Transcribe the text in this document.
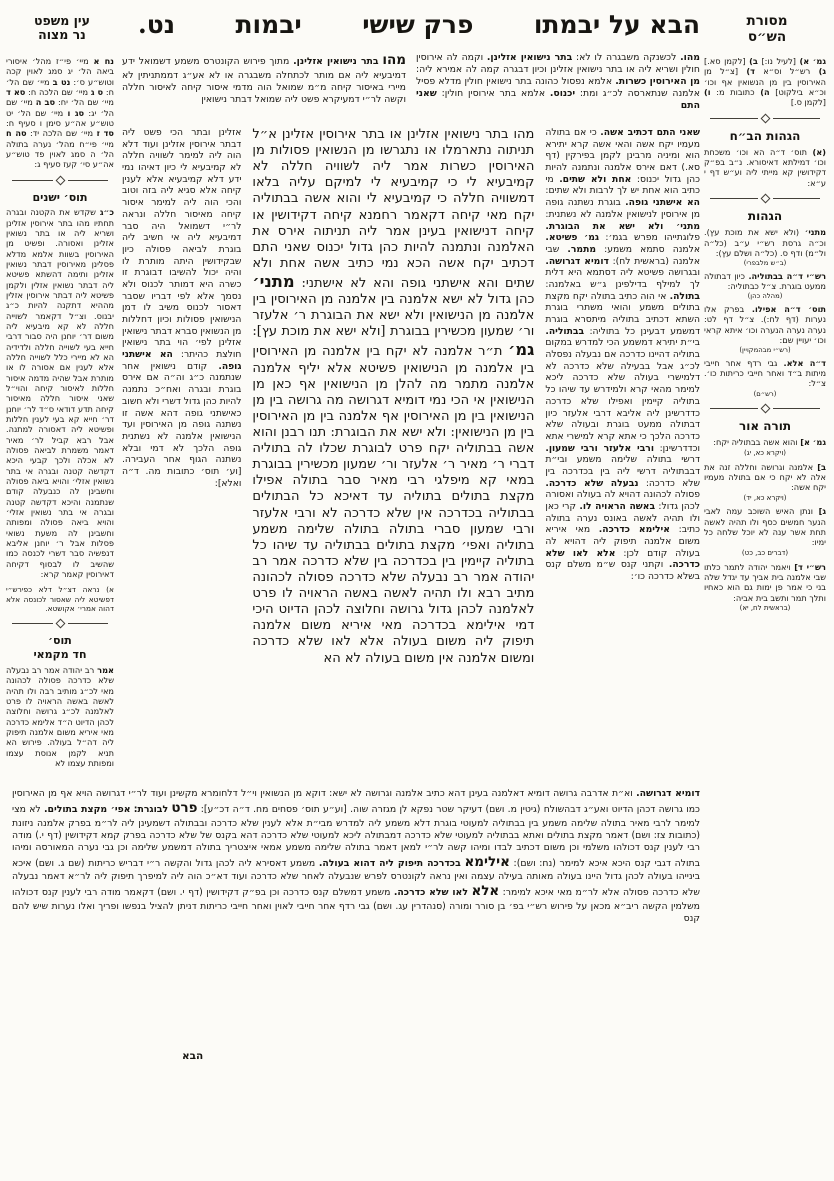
הבא על יבמתו
פרק שישי
יבמות
נט.	מסורת
הש״ס
עין משפט
נר מצוה
גמ׳ א) [לעיל נו:] ב) [לקמן סא.] ג) רש״ל וס״א ד) [צ״ל מן האירוסין בין מן הנשואין אף וכו׳ וכ״א בילקוט] ה) כתובות מ: ו) [לקמן ס.]
הגהות הב״ח
(א) תוס׳ ד״ה הא וכו׳ משכחת וכו׳ דמילתא דאיסורא. נ״ב בפ״ק דקידושין קא מייתי ליה וע״ש דף י ע״א:
הגהות
מתני׳ (ולא ישא את מוכת עץ). וכ״ה גרסת רש״י ע״ב (כל״ה ול״מ) ודף ס. (כל״ה ושלם עץ):
(ב״ש מלבפרי)
רש״י ד״ה בבתוליה. כיון דבתולה ממעט בוגרת. צ״ל כבתוליה:
(מהלה כהן)
תוס׳ ד״ה אפילו. בפרק אלו נערות (דף לח:). צ״ל דף לט: נערה נערה הנערה וכו׳ איתא קראי וכו׳ יעויין שם:
(רש״י מבהמקויין)
ד״ה אלא. גבי רדף אחר חייבי מיתות ב״ד ואחר חייבי כריתות כו׳. צ״ל:
(רש״ם)
תורה אור
גמ׳ א] והוא אשה בבתוליה יקח:
(ויקרא כא, יג)
ב] אלמנה וגרושה וחללה זנה את אלה לא יקח כי אם בתולה מעמיו יקח אשה:
(ויקרא כא, יד)
ג] ונתן האיש השוכב עמה לאבי הנער חמשים כסף ולו תהיה לאשה תחת אשר ענה לא יוכל שלחה כל ימיו:
(דברים כב, כט)
רש״י ד] ויאמר יהודה לתמר כלתו שבי אלמנה בית אביך עד יגדל שלה בני כי אמר פן ימות גם הוא כאחיו ותלך תמר ותשב בית אביה:
(בראשית לח, יא)
נח א מיי׳ פי״ז מהל׳ איסורי ביאה הל׳ יג סמג לאוין קכה וטוש״ע ס׳: נט ב מיי׳ שם הל׳ ח: ס ג מיי׳ שם הלכה ח: סא ד מיי׳ שם הל׳ יח: סב ה מיי׳ שם הל׳ יג: סג ו מיי׳ שם הל׳ יט טוש״ע אה״ע סימן ו סעיף ח: סד ז מיי׳ שם הלכה יד: סה ח מיי׳ פי״ח מהל׳ נערה בתולה הל׳ ה סמג לאוין פד טוש״ע אה״ע סי׳ קעז סעיף ג:
תוס׳ ישנים
כ״ג שקדש את הקטנה ובגרה תחתיו מהו בתר אירוסין אזלינן ושריא ליה או בתר נשואין אזלינן ואסורה. ופשיט מן האירוסין בשוות אלמא מדלא פסלינן מאירוסין דבתר נשואין אזלינן ותימה דהשתא פשיטא ליה דבתר נשואין אזלין ולקמן פשיטא ליה דבתר אירוסין אזלין מההיא דתקנה להיות כ״ג יבנוס. וצ״ל דקאמר לשוייה חללה לא קא מיבעיא ליה משום דר׳ יוחנן היה סבור דרבי חייא בעי לשוייה חללה ולדידיה הא לא מיירי כלל לשוייה חללה אלא לענין אם אסורה לו או מותרת אבל שהיה מדמה איסור חללות לאיסור קיחה והוי״ל שאני איסור חללה מאיסור קיחה תדע דודאי ס״ד לר׳ יוחנן דר׳ חייא קא בעי לענין חללות ופשיטא ליה דאסורה למתנה. אבל רבא קביל לר׳ מאיר דאמר משמרת לביאה פסולה לא אכלה ולכך קבעי היכא דקדשה קטנה ובגרה אי בתר נשואין אזלי׳ והויא ביאה פסולה וחשבינן לה כנבעלה קודם שנתמנה והיכא דקדשה קטנה ובגרה אי בתר נשואין אזלי׳ והויא ביאה פסולה ומפותה וחשבינן לה משעת נשואי פסלות אבל ר׳ יוחנן אליבא דנפשיה סבר דשרי לכנסה כמו שהשיב לו לבסוף דקיחה דאירוסין קאמר קרא:
א) נראה דצ״ל דלא כפירש״י דפשיטא ליה שאסור לכונסה אלא דהוה אמרי׳ אקושטא.
תוס׳
חד מקמאי
אמר רב יהודה אמר רב נבעלה שלא כדרכה פסולה לכהונה מאי לכ״ג מותיב רבה ולו תהיה לאשה באשה הראויה לו פרט לאלמנה לכ״ג גרושה וחלוצה לכהן הדיוט ה״ד אלימא כדרכה מאי איריא משום אלמנה תיפוק ליה דה״ל בעולה. פירוש הא תניא לקמן אנוסת עצמו ומפותת עצמו לא
מהו. לכשנקה משבגרה לו לא: בתר נישואין אזלינן. וקמה לה אירוסין חולין ושריא ליה או בתר נישואין אזלינן וכיון דבגרה קמה לה אמירא ליה: מן האירוסין כשרות. אלמא נפסול כהונה בתר נישואין חולין מדלא פסיל אלמנה שנתארסה לכ״ג ומת: יכנוס. אלמא בתר אירוסין חולין: שאני התם
מהו בתר נישואין אזלינן. מתוך פירוש הקונטרס משמע דשמואל ידע דמיבעיא ליה אם מותר לכתחלה משבגרה או לא אע״ג דממתניתין לא מיירי באיסור קיחה מ״מ שמואל הוה מדמי איסור קיחה לאיסור חללה וקשה לר״י דמעיקרא פשט ליה שמואל דבתר נישואין
שאני התם דכתיב אשה. כי אם בתולה מעמיו יקח אשה והאי אשה קרא יתירא הוא ומיניה מרבינן לקמן בפירקין (דף סא.) דאם אירס אלמנה ונתמנה להיות כהן גדול יכנוס: אחת ולא שתים. מי כתיב הוא אחת יש לך לרבות ולא שתים: הא אישתני גופה. בוגרת נשתנה גופה מן אירוסין לנישואין אלמנה לא נשתנית: מתני׳ ולא ישא את הבוגרת. פלוגתייהו מפרש בגמ׳: גמ׳ פשיטא. אלמנה סתמא משמע: מתמר. שבי אלמנה (בראשית לח): דומיא דגרושה. ובגרושה פשיטא ליה דסתמא היא דלית לך למילף בדילפינן ג״ש באלמנה: בתולה. אי הוה כתיב בתולה יקח מקצת בתולים משמע והואי משתרי בוגרת השתא דכתיב בתוליה מיתסרא בוגרת דמשמע דבעינן כל בתוליה: בבתוליה. בי״ת יתירא דמשמע הכי למדרש במקום בתוליה דהיינו כדרכה אם נבעלה נפסלה לכ״ג אבל בבעילה שלא כדרכה לא דלמישרי בעולה שלא כדרכה ליכא למימר מהאי קרא ולמידרש עד שיהו כל בתוליה קיימין ואפילו שלא כדרכה כדדרשינן ליה אליבא דרבי אלעזר כיון דבתולה ממעט בוגרת ובעולה שלא כדרכה הלכך כי אתא קרא למישרי אתא וכדדרשינן: ורבי אלעזר ורבי שמעון. דרשי בתולה שלימה משמע ובי״ת דבבתוליה דרשי ליה בין בכדרכה בין שלא כדרכה: נבעלה שלא כדרכה. פסולה לכהונה דהויא לה בעולה ואסורה לכהן גדול: באשה הראויה לו. קרי כאן ולו תהיה לאשה באונס נערה בתולה כתיב: אילימא כדרכה. מאי איריא משום אלמנה תיפוק ליה דהויא לה בעולה קודם לכן: אלא לאו שלא כדרכה. וקתני קנס ש״מ משלם קנס בשלא כדרכה כו׳:
מהו בתר נישואין אזלינן או בתר אירוסין אזלינן א״ל תניתוה נתארמלו או נתגרשו מן הנשואין פסולות מן האירוסין כשרות אמר ליה לשוויה חללה לא קמיבעיא לי כי קמיבעיא לי למיקם עליה בלאו דמשוויה חללה כי קמיבעיא לי והוא אשה בבתוליה יקח מאי קיחה דקאמר רחמנא קיחה דקידושין או קיחה דנישואין בעינן אמר ליה תניתוה אירס את האלמנה ונתמנה להיות כהן גדול יכנוס שאני התם דכתיב יקח אשה הכא נמי כתיב אשה אחת ולא שתים והא אישתני גופה והא לא אישתני: מתני׳ כהן גדול לא ישא אלמנה בין אלמנה מן האירוסין בין אלמנה מן הנישואין ולא ישא את הבוגרת ר׳ אלעזר ור׳ שמעון מכשירין בבוגרת [ולא ישא את מוכת עץ]: גמ׳ ת״ר אלמנה לא יקח בין אלמנה מן האירוסין בין אלמנה מן הנישואין פשיטא אלא יליף אלמנה אלמנה מתמר מה להלן מן הנישואין אף כאן מן הנישואין אי הכי נמי דומיא דגרושה מה גרושה בין מן הנישואין בין מן האירוסין אף אלמנה בין מן האירוסין בין מן הנישואין: ולא ישא את הבוגרת: תנו רבנן והוא אשה בבתוליה יקח פרט לבוגרת שכלו לה בתוליה דברי ר׳ מאיר ר׳ אלעזר ור׳ שמעון מכשירין בבוגרת במאי קא מיפלגי רבי מאיר סבר בתולה אפילו מקצת בתולים בתוליה עד דאיכא כל הבתולים בבתוליה בכדרכה אין שלא כדרכה לא ורבי אלעזר ורבי שמעון סברי בתולה בתולה שלימה משמע בתוליה ואפי׳ מקצת בתולים בבתוליה עד שיהו כל בתוליה קיימין בין בכדרכה בין שלא כדרכה אמר רב יהודה אמר רב נבעלה שלא כדרכה פסולה לכהונה מתיב רבא ולו תהיה לאשה באשה הראויה לו פרט לאלמנה לכהן גדול גרושה וחלוצה לכהן הדיוט היכי דמי אילימא בכדרכה מאי איריא משום אלמנה תיפוק ליה משום בעולה אלא לאו שלא כדרכה ומשום אלמנה אין משום בעולה לא הא
אזלינן ובתר הכי פשט ליה דבתר אירוסין אזלינן ועוד דלא הוה ליה למימר לשוויה חללה לא קמיבעיא לי כיון דאיהו נמי ידע דלא קמיבעיא אלא לענין קיחה אלא סגיא ליה בזה וטוב והכי הוה ליה למימר איסור קיחה מאיסור חללה ונראה לר״י דשמואל היה סבר דמיבעיא ליה אי חשיב ליה בוגרת לביאה פסולה כיון שבקידושין היתה מותרת לו והיה יכול להשיבו דבוגרת זו כשרה היא דמותר לכנוס ולא נסמך אלא לפי דבריו שסבר דאסור לכנוס משיב לו דמן הנישואין פסולות וכיון דחללות מן הנשואין סברא דבתר נישואין אזלינן לפי׳ הוי בתר נישואין חולצת כהיתר: הא אישתני גופה. קודם נישואין אחר שנתמנה כ״ג וה״ה אם אירס בוגרת ובגרה ואח״כ נתמנה להיות כהן גדול דשרי ולא חשוב כאישתני גופה דהא אשה זו נשתנה גופה מן האירוסין ועד הנישואין אלמנה לא נשתנית גופה הלכך לא דמי ובלא נשתנה הגוף אחר העבירה. [וע׳ תוס׳ כתובות מה. ד״ה ואלא]:
דומיא דגרושה. וא״ת אדרבה גרושה דומיא דאלמנה בעינן דהא כתיב אלמנה וגרושה לא ישא: דוקא מן הנשואין וי״ל דלחומרא מקשינן ועוד לר״י דגרושה הויא אף מן האירוסין כמו גרושה דכהן הדיוט ואע״ג דבהשולח (גיטין מ. ושם) דעיקר שטר נפקא לן מגזרה שוה. [וע״ע תוס׳ פסחים מח. ד״ה דכ״ע]: פרט לבוגרת: אפי׳ מקצת בתולים. לא מצי למימר לרבי מאיר בתולה שלימה משמע בין בבתוליה למעוטי בוגרת דלא משמע ליה למדרש מבי״ת אלא לענין שלא כדרכה ובבתולה דשמעינן ליה לר״מ בפרק אלמנה ניזונת (כתובות צז: ושם) דאמר מקצת בתולים ואתא בבתוליה למעוטי שלא כדרכה דמבתולה ליכא למעוטי שלא כדרכה דהא בקנס של שלא כדרכה בפרק קמא דקידושין (דף י.) מודה רבי לענין קנס דכולהו משלמי וכן משום דכתיב לבדו ומיהו קשה לר״י למאן דאמר בתולה שלימה משמע אמאי איצטריך בתולה דמשמע שלימה וכן גבי נערה המאורסה ומיהו בתולה דגבי קנס היכא איכא למימר (נח: ושם): אילימא בכדרכה תיפוק ליה דהוא בעולה. משמע דאסירא ליה לכהן גדול והקשה ר״י דבריש כריתות (שם ג. ושם) איכא בינייהו בעולה לכהן גדול היינו בעולה מאותה בעילה עצמה ואין נראה לקונטרס לפרש שנבעלה לאחר שלא כדרכה ועוד דא״כ הוה ליה למיפרך תיפוק ליה לר״א דאמר נבעלה שלא כדרכה פסולה אלא לר״מ מאי איכא למימר: אלא לאו שלא כדרכה. משמע דמשלם קנס כדרכה וכן בפ״ק דקידושין (דף י. ושם) דקאמר מודה רבי לענין קנס דכולהו משלמין הקשה ריב״א מכאן על פירוש רש״י בפ׳ בן סורר ומורה (סנהדרין עג. ושם) גבי רדף אחר חייבי לאוין ואחר חייבי כריתות דניתן להציל בנפשו ופריך ואלו נערות שיש להם קנס
הבא
